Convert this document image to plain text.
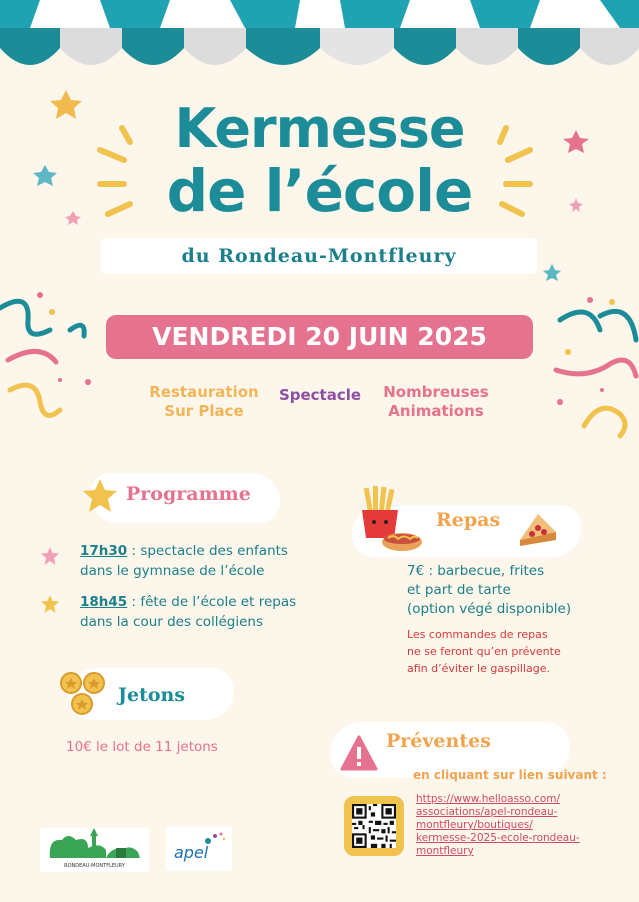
Kermesse
de l’école
du Rondeau-Montfleury
VENDREDI 20 JUIN 2025
Restauration
Sur Place
Spectacle	Nombreuses
Animations
Programme
17h30 : spectacle des enfants
dans le gymnase de l’école
18h45 : fête de l’école et repas
dans la cour des collégiens
Repas
7€ : barbecue, frites
et part de tarte
(option végé disponible)
Les commandes de repas
ne se feront qu’en prévente
afin d’éviter le gaspillage.
Jetons
10€ le lot de 11 jetons	Préventes
en cliquant sur lien suivant :
https://www.helloasso.com/
associations/apel-rondeau-
montfleury/boutiques/
kermesse-2025-ecole-rondeau-
montfleury
RONDEAU-MONTFLEURY
apel
